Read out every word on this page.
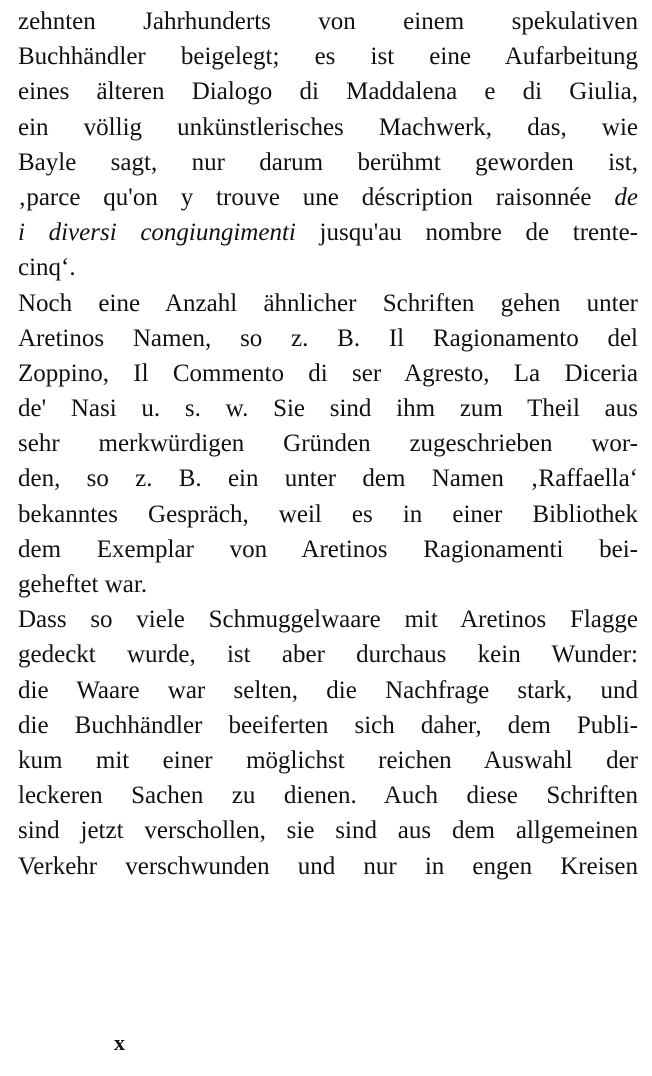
zehnten Jahrhunderts von einem spekulativen
Buchhändler beigelegt; es ist eine Aufarbeitung
eines älteren Dialogo di Maddalena e di Giulia,
ein völlig unkünstlerisches Machwerk, das, wie
Bayle sagt, nur darum berühmt geworden ist,
‚parce qu'on y trouve une déscription raisonnée de
i diversi congiungimenti jusqu'au nombre de trente-
cinq‘.
Noch eine Anzahl ähnlicher Schriften gehen unter
Aretinos Namen, so z. B. Il Ragionamento del
Zoppino, Il Commento di ser Agresto, La Diceria
de' Nasi u. s. w. Sie sind ihm zum Theil aus
sehr merkwürdigen Gründen zugeschrieben wor-
den, so z. B. ein unter dem Namen ‚Raffaella‘
bekanntes Gespräch, weil es in einer Bibliothek
dem Exemplar von Aretinos Ragionamenti bei-
geheftet war.
Dass so viele Schmuggelwaare mit Aretinos Flagge
gedeckt wurde, ist aber durchaus kein Wunder:
die Waare war selten, die Nachfrage stark, und
die Buchhändler beeiferten sich daher, dem Publi-
kum mit einer möglichst reichen Auswahl der
leckeren Sachen zu dienen. Auch diese Schriften
sind jetzt verschollen, sie sind aus dem allgemeinen
Verkehr verschwunden und nur in engen Kreisen
x
